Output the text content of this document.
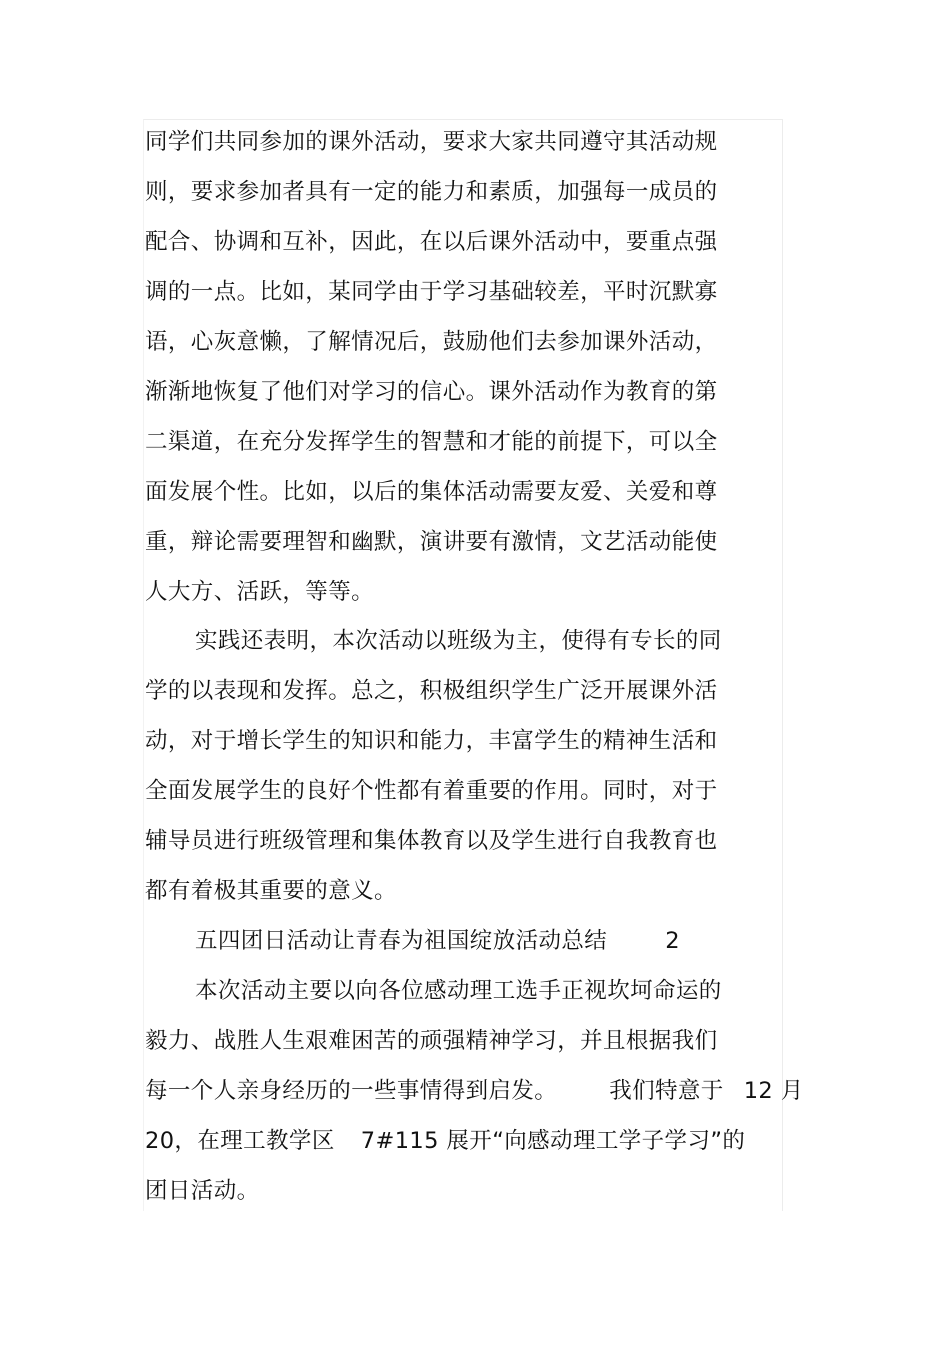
同学们共同参加的课外活动，要求大家共同遵守其活动规
则，要求参加者具有一定的能力和素质，加强每一成员的
配合、协调和互补，因此，在以后课外活动中，要重点强
调的一点。比如，某同学由于学习基础较差，平时沉默寡
语，心灰意懒，了解情况后，鼓励他们去参加课外活动，
渐渐地恢复了他们对学习的信心。课外活动作为教育的第
二渠道，在充分发挥学生的智慧和才能的前提下，可以全
面发展个性。比如，以后的集体活动需要友爱、关爱和尊
重，辩论需要理智和幽默，演讲要有激情，文艺活动能使
人大方、活跃，等等。
实践还表明，本次活动以班级为主，使得有专长的同
学的以表现和发挥。总之，积极组织学生广泛开展课外活
动，对于增长学生的知识和能力，丰富学生的精神生活和
全面发展学生的良好个性都有着重要的作用。同时，对于
辅导员进行班级管理和集体教育以及学生进行自我教育也
都有着极其重要的意义。
五四团日活动让青春为祖国绽放活动总结	2
本次活动主要以向各位感动理工选手正视坎坷命运的
毅力、战胜人生艰难困苦的顽强精神学习，并且根据我们
每一个人亲身经历的一些事情得到启发。 我们特意于 12 月
20，在理工教学区 7#115 展开“向感动理工学子学习”的
团日活动。
